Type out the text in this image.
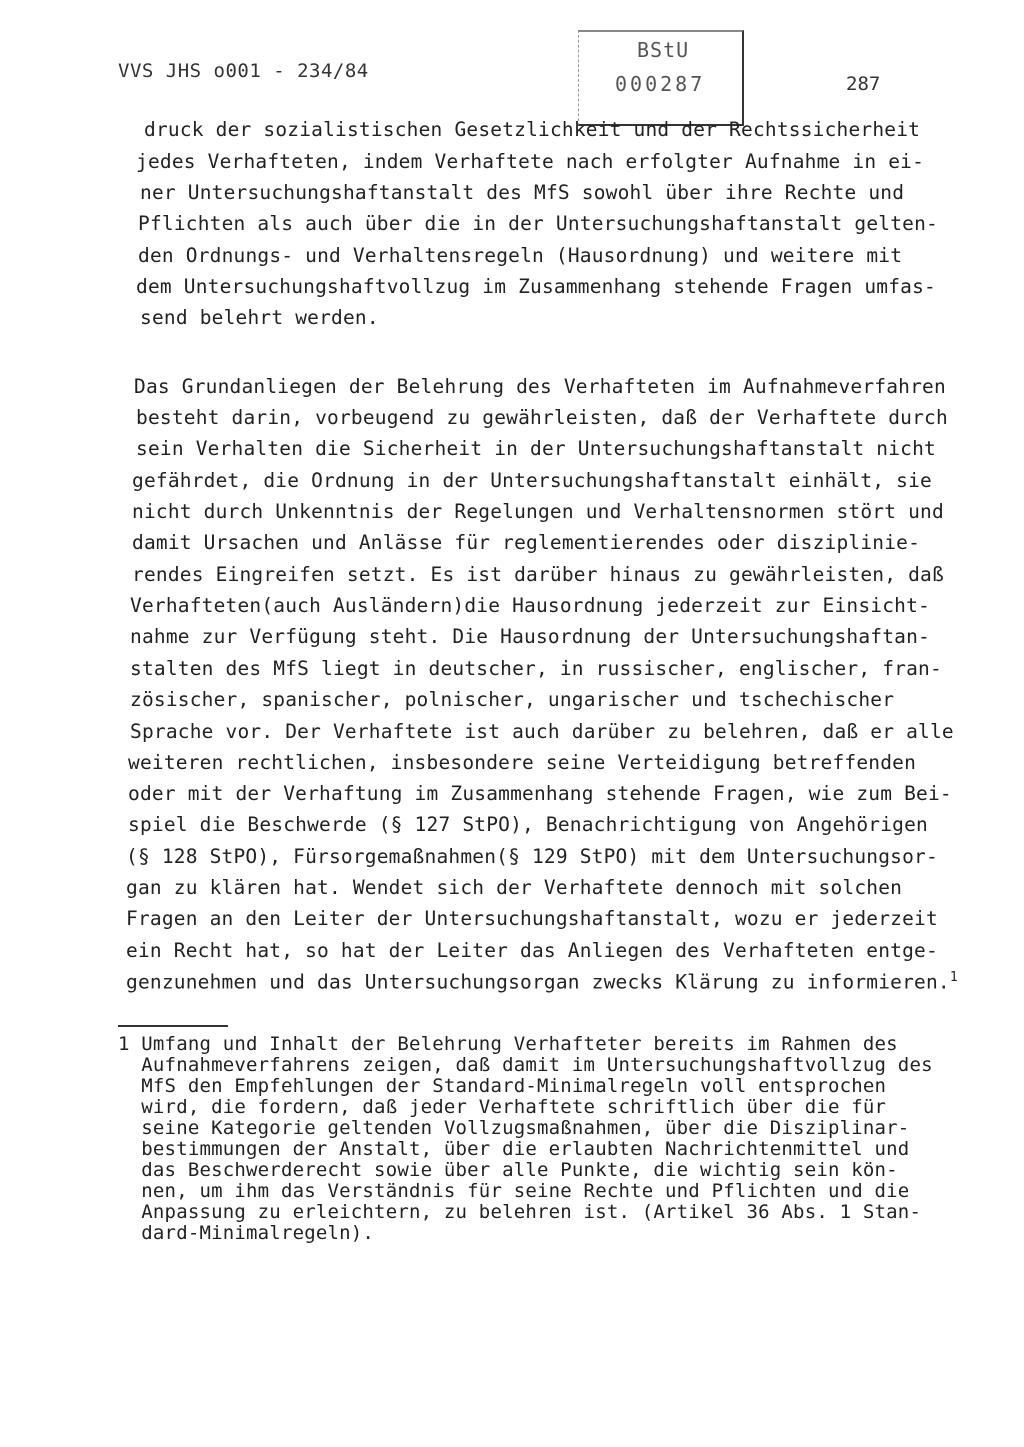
VVS JHS o001 - 234/84
BStU
000287	287
druck der sozialistischen Gesetzlichkeit und der Rechtssicherheit
jedes Verhafteten, indem Verhaftete nach erfolgter Aufnahme in ei-
ner Untersuchungshaftanstalt des MfS sowohl über ihre Rechte und
Pflichten als auch über die in der Untersuchungshaftanstalt gelten-
den Ordnungs- und Verhaltensregeln (Hausordnung) und weitere mit
dem Untersuchungshaftvollzug im Zusammenhang stehende Fragen umfas-
send belehrt werden.
Das Grundanliegen der Belehrung des Verhafteten im Aufnahmeverfahren
besteht darin, vorbeugend zu gewährleisten, daß der Verhaftete durch
sein Verhalten die Sicherheit in der Untersuchungshaftanstalt nicht
gefährdet, die Ordnung in der Untersuchungshaftanstalt einhält, sie
nicht durch Unkenntnis der Regelungen und Verhaltensnormen stört und
damit Ursachen und Anlässe für reglementierendes oder disziplinie-
rendes Eingreifen setzt. Es ist darüber hinaus zu gewährleisten, daß
Verhafteten(auch Ausländern)die Hausordnung jederzeit zur Einsicht-
nahme zur Verfügung steht. Die Hausordnung der Untersuchungshaftan-
stalten des MfS liegt in deutscher, in russischer, englischer, fran-
zösischer, spanischer, polnischer, ungarischer und tschechischer
Sprache vor. Der Verhaftete ist auch darüber zu belehren, daß er alle
weiteren rechtlichen, insbesondere seine Verteidigung betreffenden
oder mit der Verhaftung im Zusammenhang stehende Fragen, wie zum Bei-
spiel die Beschwerde (§ 127 StPO), Benachrichtigung von Angehörigen
(§ 128 StPO), Fürsorgemaßnahmen(§ 129 StPO) mit dem Untersuchungsor-
gan zu klären hat. Wendet sich der Verhaftete dennoch mit solchen
Fragen an den Leiter der Untersuchungshaftanstalt, wozu er jederzeit
ein Recht hat, so hat der Leiter das Anliegen des Verhafteten entge-
genzunehmen und das Untersuchungsorgan zwecks Klärung zu informieren.$^1$
1 Umfang und Inhalt der Belehrung Verhafteter bereits im Rahmen des
Aufnahmeverfahrens zeigen, daß damit im Untersuchungshaftvollzug des
MfS den Empfehlungen der Standard-Minimalregeln voll entsprochen
wird, die fordern, daß jeder Verhaftete schriftlich über die für
seine Kategorie geltenden Vollzugsmaßnahmen, über die Disziplinar-
bestimmungen der Anstalt, über die erlaubten Nachrichtenmittel und
das Beschwerderecht sowie über alle Punkte, die wichtig sein kön-
nen, um ihm das Verständnis für seine Rechte und Pflichten und die
Anpassung zu erleichtern, zu belehren ist. (Artikel 36 Abs. 1 Stan-
dard-Minimalregeln).
